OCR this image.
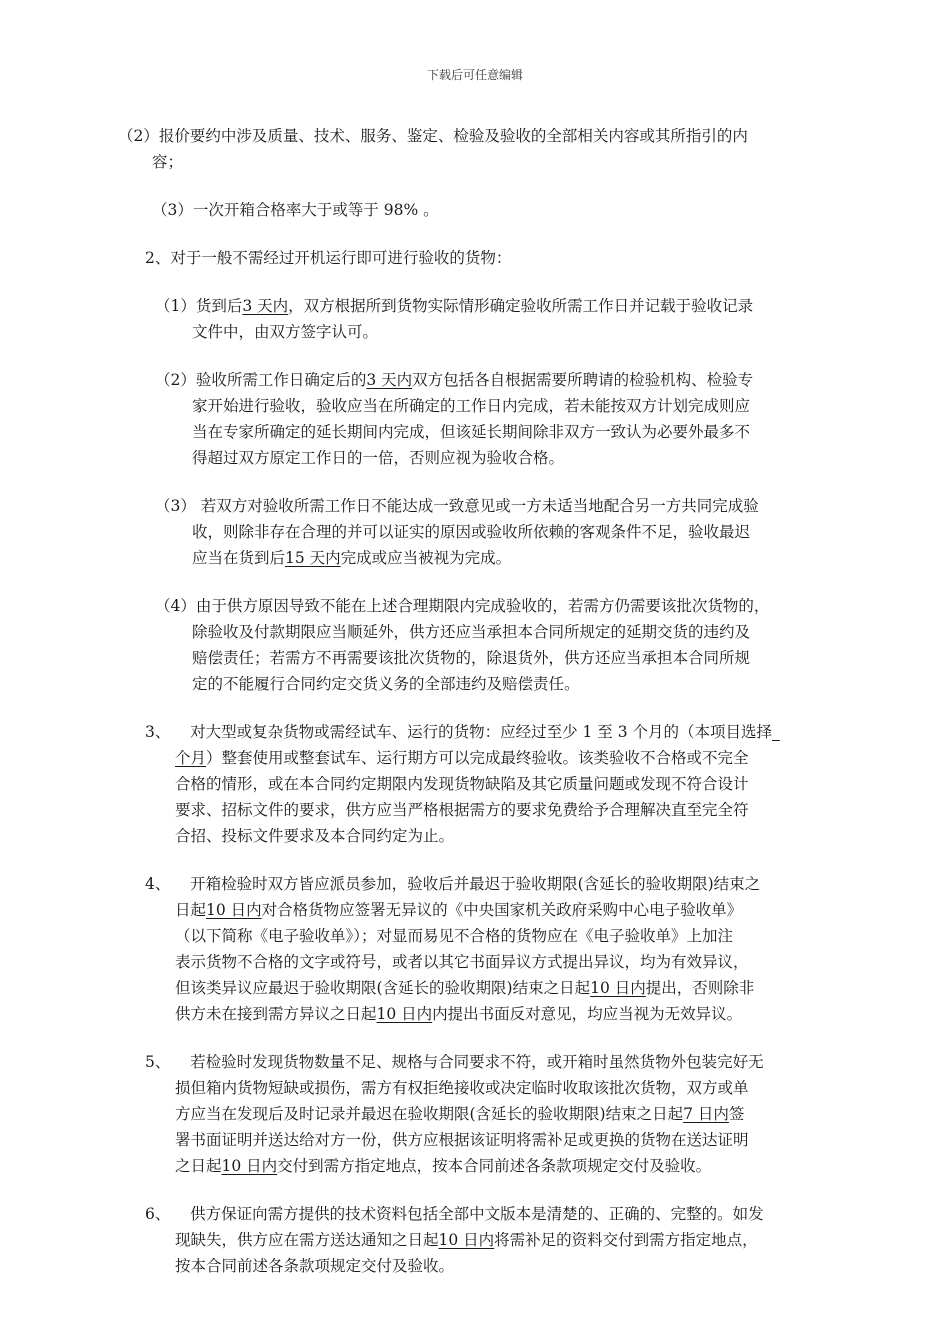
下载后可任意编辑

（2）报价要约中涉及质量、技术、服务、鉴定、检验及验收的全部相关内容或其所指引的内

容；

（3）一次开箱合格率大于或等于 98% 。

2、对于一般不需经过开机运行即可进行验收的货物：

（1）货到后3 天内，双方根据所到货物实际情形确定验收所需工作日并记载于验收记录

文件中，由双方签字认可。

（2）验收所需工作日确定后的3 天内双方包括各自根据需要所聘请的检验机构、检验专

家开始进行验收，验收应当在所确定的工作日内完成，若未能按双方计划完成则应

当在专家所确定的延长期间内完成，但该延长期间除非双方一致认为必要外最多不

得超过双方原定工作日的一倍，否则应视为验收合格。

（3） 若双方对验收所需工作日不能达成一致意见或一方未适当地配合另一方共同完成验

收，则除非存在合理的并可以证实的原因或验收所依赖的客观条件不足，验收最迟

应当在货到后15 天内完成或应当被视为完成。

（4）由于供方原因导致不能在上述合理期限内完成验收的，若需方仍需要该批次货物的，

除验收及付款期限应当顺延外，供方还应当承担本合同所规定的延期交货的违约及

赔偿责任；若需方不再需要该批次货物的，除退货外，供方还应当承担本合同所规

定的不能履行合同约定交货义务的全部违约及赔偿责任。

3、    对大型或复杂货物或需经试车、运行的货物：应经过至少 1 至 3 个月的（本项目选择_

个月）整套使用或整套试车、运行期方可以完成最终验收。该类验收不合格或不完全

合格的情形，或在本合同约定期限内发现货物缺陷及其它质量问题或发现不符合设计

要求、招标文件的要求，供方应当严格根据需方的要求免费给予合理解决直至完全符

合招、投标文件要求及本合同约定为止。

4、    开箱检验时双方皆应派员参加，验收后并最迟于验收期限(含延长的验收期限)结束之

日起10 日内对合格货物应签署无异议的《中央国家机关政府采购中心电子验收单》

（以下简称《电子验收单》）；对显而易见不合格的货物应在《电子验收单》上加注

表示货物不合格的文字或符号，或者以其它书面异议方式提出异议，均为有效异议，

但该类异议应最迟于验收期限(含延长的验收期限)结束之日起10 日内提出，否则除非

供方未在接到需方异议之日起10 日内内提出书面反对意见，均应当视为无效异议。

5、    若检验时发现货物数量不足、规格与合同要求不符，或开箱时虽然货物外包装完好无

损但箱内货物短缺或损伤，需方有权拒绝接收或决定临时收取该批次货物，双方或单

方应当在发现后及时记录并最迟在验收期限(含延长的验收期限)结束之日起7 日内签

署书面证明并送达给对方一份，供方应根据该证明将需补足或更换的货物在送达证明

之日起10 日内交付到需方指定地点，按本合同前述各条款项规定交付及验收。

6、    供方保证向需方提供的技术资料包括全部中文版本是清楚的、正确的、完整的。如发

现缺失，供方应在需方送达通知之日起10 日内将需补足的资料交付到需方指定地点，

按本合同前述各条款项规定交付及验收。
